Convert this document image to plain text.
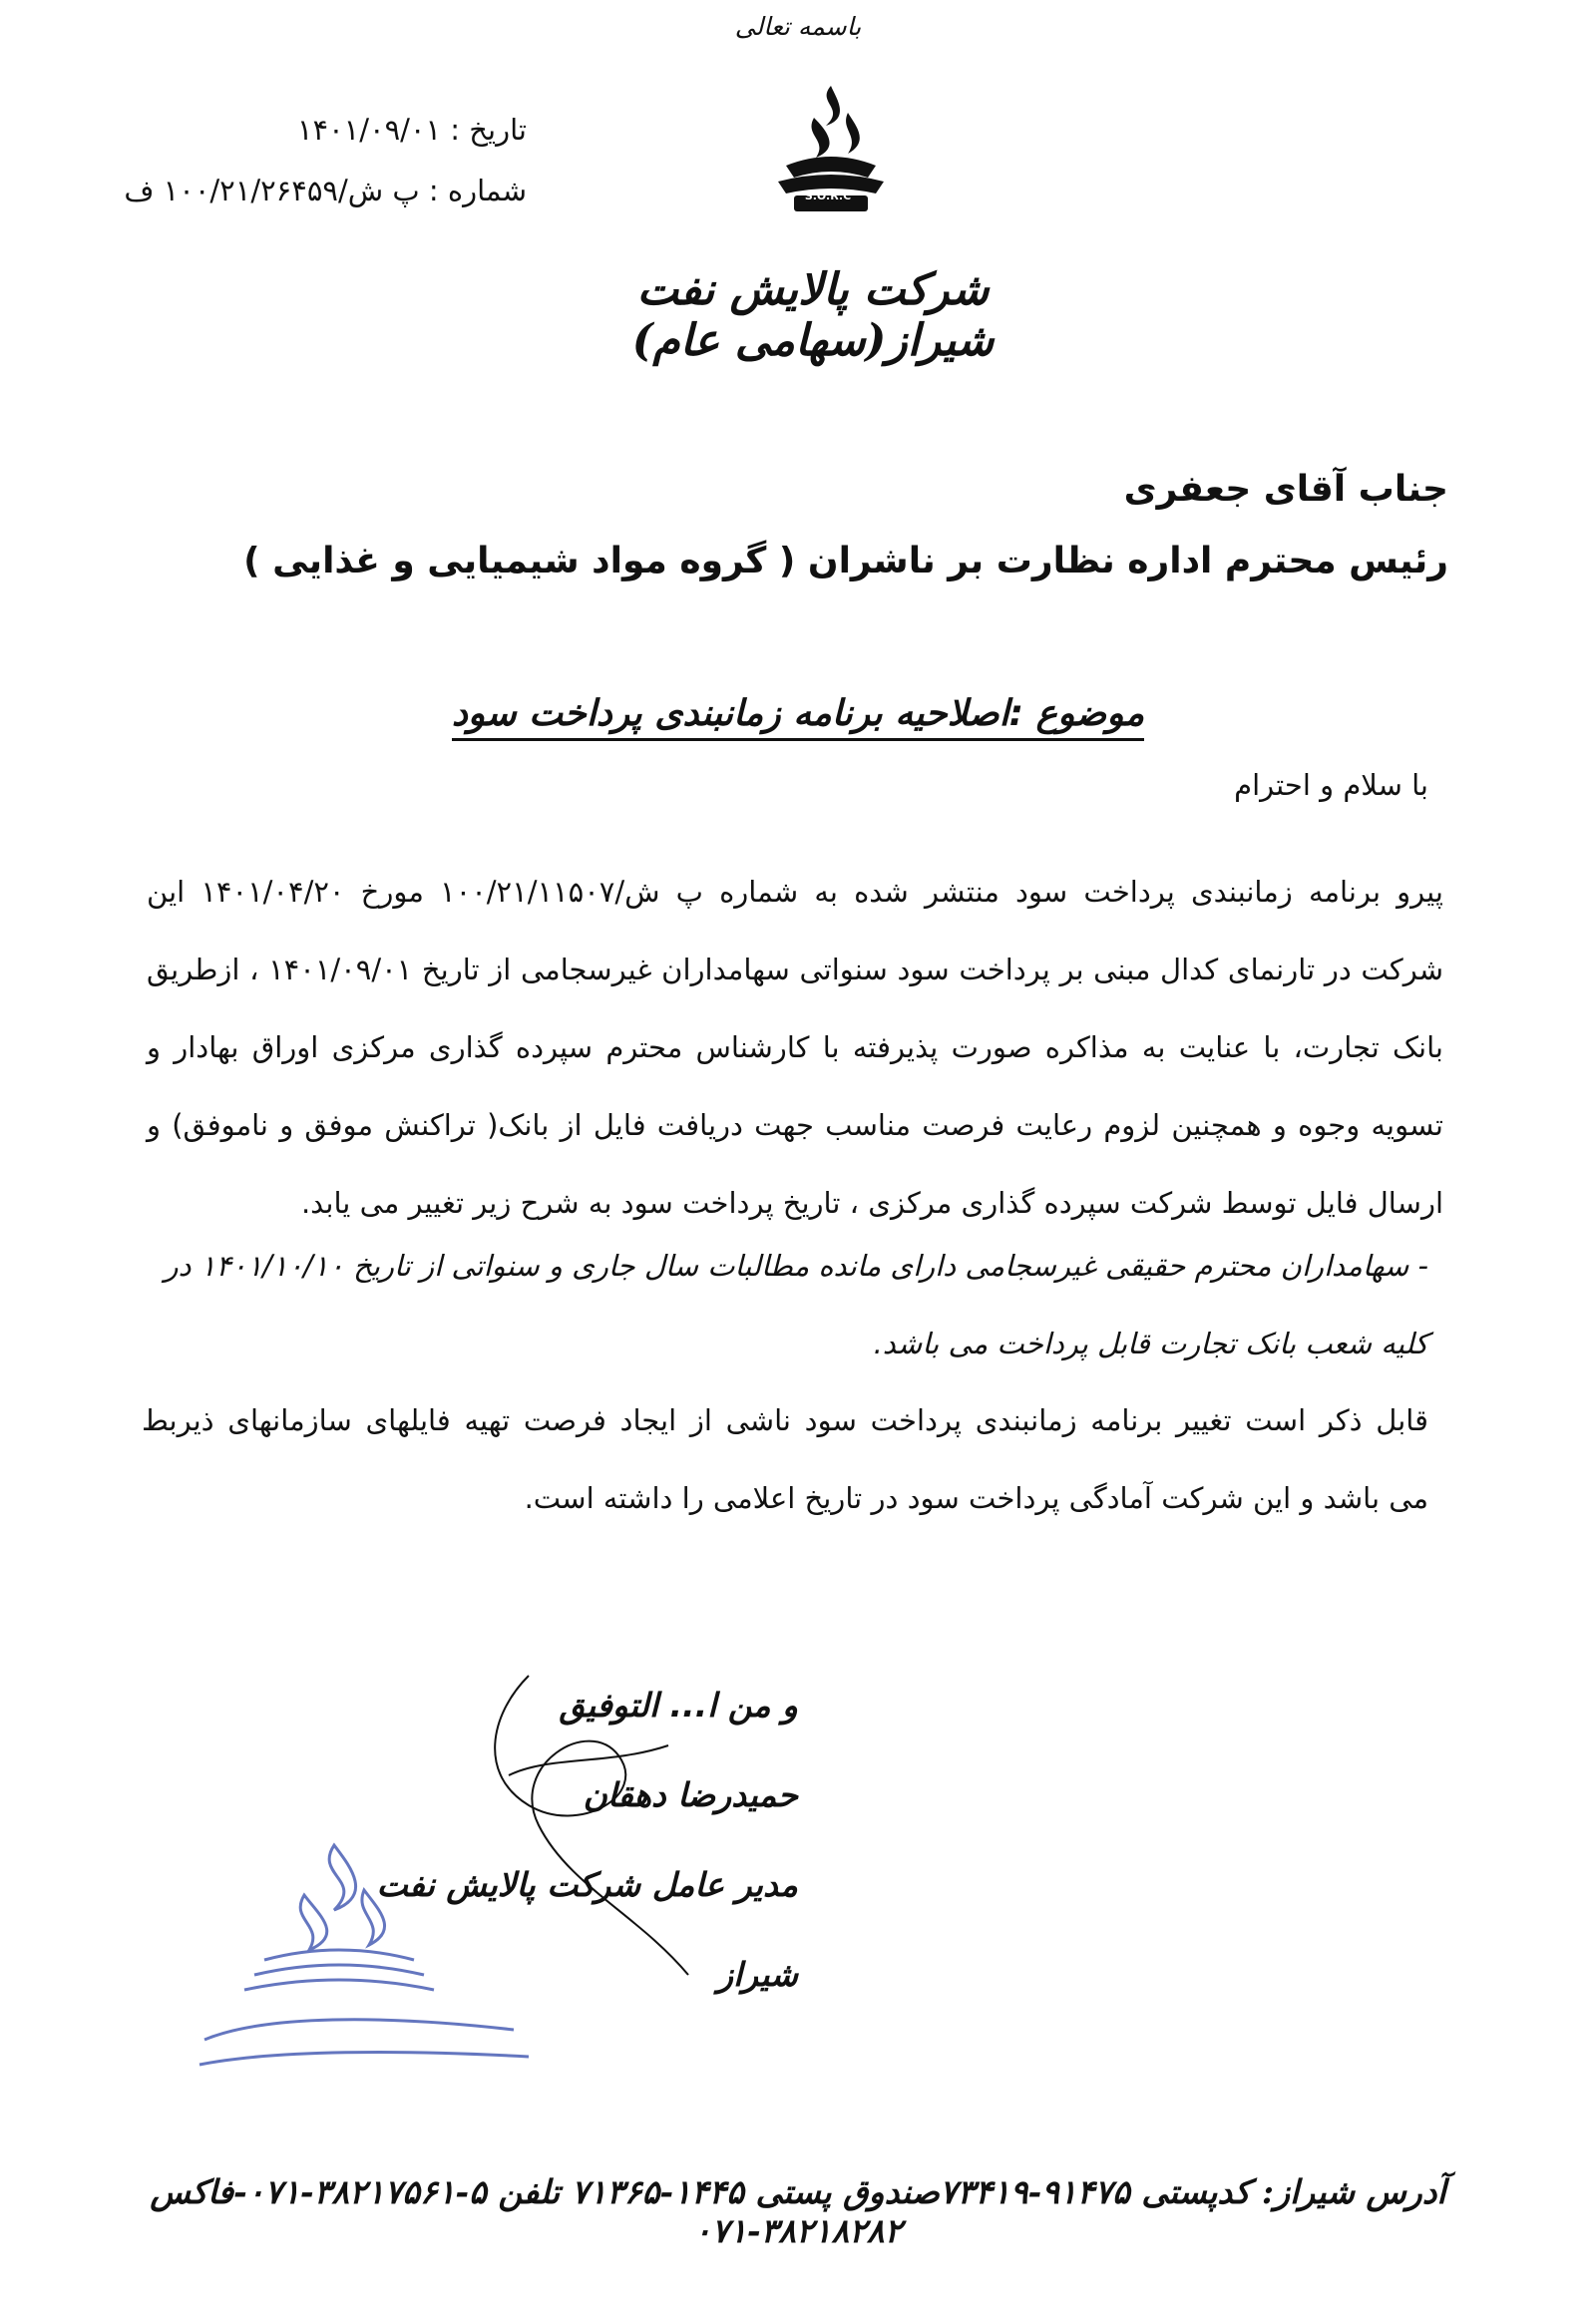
باسمه تعالی
تاریخ : ۱۴۰۱/۰۹/۰۱
شماره : پ ش/۱۰۰/۲۱/۲۶۴۵۹ ف	S.O.R.C
شرکت پالایش نفت شیراز(سهامی عام)
جناب آقای جعفری
رئیس محترم اداره نظارت بر ناشران ( گروه مواد شیمیایی و غذایی )
موضوع :اصلاحیه برنامه زمانبندی پرداخت سود
با سلام و احترام
پیرو برنامه زمانبندی پرداخت سود منتشر شده به شماره پ ش/۱۰۰/۲۱/۱۱۵۰۷ مورخ ۱۴۰۱/۰۴/۲۰ این
شرکت در تارنمای کدال مبنی بر پرداخت سود سنواتی سهامداران غیرسجامی از تاریخ ۱۴۰۱/۰۹/۰۱ ، ازطریق
بانک تجارت، با عنایت به مذاکره صورت پذیرفته با کارشناس محترم سپرده گذاری مرکزی اوراق بهادار و
تسویه وجوه و همچنین لزوم رعایت فرصت مناسب جهت دریافت فایل از بانک( تراکنش موفق و ناموفق) و
ارسال فایل توسط شرکت سپرده گذاری مرکزی ، تاریخ پرداخت سود به شرح زیر تغییر می یابد.
- سهامداران محترم حقیقی غیرسجامی دارای مانده مطالبات سال جاری و سنواتی از تاریخ ۱۴۰۱/۱۰/۱۰ در
کلیه شعب بانک تجارت قابل پرداخت می باشد.
قابل ذکر است تغییر برنامه زمانبندی پرداخت سود ناشی از ایجاد فرصت تهیه فایلهای سازمانهای ذیربط
می باشد و این شرکت آمادگی پرداخت سود در تاریخ اعلامی را داشته است.
و من ا... التوفیق
حمیدرضا دهقان
مدیر عامل شرکت پالایش نفت شیراز
آدرس شیراز: کدپستی ۹۱۴۷۵-۷۳۴۱۹صندوق پستی ۱۴۴۵-۷۱۳۶۵ تلفن ۵-۳۸۲۱۷۵۶۱-۰۷۱-فاکس ۳۸۲۱۸۲۸۲-۰۷۱
